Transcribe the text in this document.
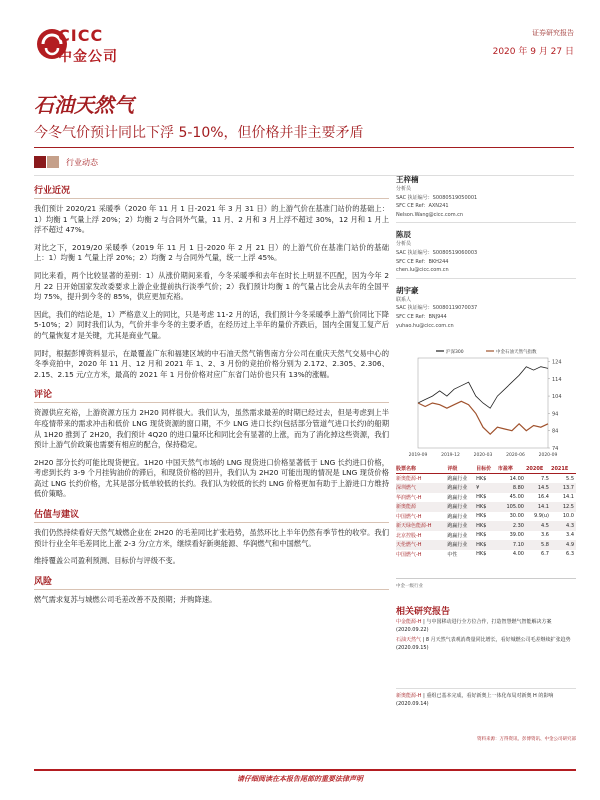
CICC
中金公司
证券研究报告
2020 年 9 月 27 日
石油天然气
今冬气价预计同比下浮 5-10%，但价格并非主要矛盾
行业动态
行业近况

我们预计 2020/21 采暖季（2020 年 11 月 1 日-2021 年 3 月 31 日）的上游气价在基准门站价的基础上：1）均衡 1 气量上浮 20%；2）均衡 2 与合同外气量，11 月、2 月和 3 月上浮不超过 30%，12 月和 1 月上浮不超过 47%。

对比之下，2019/20 采暖季（2019 年 11 月 1 日-2020 年 2 月 21 日）的上游气价在基准门站价的基础上：1）均衡 1 气量上浮 20%；2）均衡 2 与合同外气量，统一上浮 45%。

同比来看，两个比较显著的差别：1）从涨价期间来看，今冬采暖季和去年在时长上明显不匹配，因为今年 2 月 22 日开始国家发改委要求上游企业提前执行淡季气价；2）我们预计均衡 1 的气量占比会从去年的全国平均 75%，提升到今冬的 85%，供应更加充裕。

因此，我们的结论是，1）严格意义上的同比，只是考虑 11-2 月的话，我们预计今冬采暖季上游气价同比下降 5-10%；2）同时我们认为，气价并非今冬的主要矛盾，在经历过上半年的量价齐跌后，国内全面复工复产后的气量恢复才是关键，尤其是商业气量。

同时，根据彭博资料显示，在最覆盖广东和福建区域的中石油天然气销售南方分公司在重庆天然气交易中心的冬季竞拍中，2020 年 11 月、12 月和 2021 年 1、2、3 月份的竞拍价格分别为 2.172、2.305、2.306、2.15、2.15 元/立方米，最高的 2021 年 1 月份价格对应广东省门站价也只有 13%的涨幅。

评论

资源供应充裕，上游资源方压力 2H20 同样很大。我们认为，虽然需求最差的时期已经过去，但是考虑到上半年疫情带来的需求冲击和低价 LNG 现货资源的窗口期，不少 LNG 进口长约(包括部分管道气进口长约)的船期从 1H20 推到了 2H20，我们预计 4Q20 的进口量环比和同比会有显著的上涨，而为了消化掉这些资源，我们预计上游气价政策也需要有相应的配合，保持稳定。

2H20 部分长约可能比现货便宜。1H20 中国天然气市场的 LNG 现货进口价格显著低于 LNG 长约进口价格，考虑到长约 3-9 个月挂钩油价的滞后，和现货价格的回升，我们认为 2H20 可能出现的情况是 LNG 现货价格高过 LNG 长约价格，尤其是部分低单较低的长约。我们认为较低的长约 LNG 价格更加有助于上游进口方维持低价策略。

估值与建议

我们仍然持续看好天然气城燃企业在 2H20 的毛差同比扩张趋势，虽然环比上半年仍然有季节性的收窄。我们预计行业全年毛差同比上涨 2-3 分/立方米，继续看好新奥能源、华润燃气和中国燃气。

维持覆盖公司盈利预测、目标价与评级不变。

风险

燃气需求复苏与城燃公司毛差改善不及预期；并购降速。

王梓楠
分析员
SAC 执证编号：S0080519050001
SFC CE Ref：AXN241
Nelson.Wang@cicc.com.cn
陈辰
分析员
SAC 执证编号：S0080519060003
SFC CE Ref：BKH244
chen.lu@cicc.com.cn
胡宇豪
联系人
SAC 执证编号：S0080119070037
SFC CE Ref：BNJ944
yuhao.hu@cicc.com.cn
124
114
104
94
84
74
2019-09	2019-12	2020-03	2020-06	2020-09
沪深300	中金石油天然气指数
股票名称	评级	目标价	市盈率	2020E	2021E
新奥能源-H	跑赢行业	HK$	14.00	7.5	5.5
深圳燃气	跑赢行业	¥	8.80	14.5	13.7
华润燃气-H	跑赢行业	HK$	45.00	16.4	14.1
新奥能源	跑赢行业	HK$	105.00	14.1	12.5
中国燃气-H	跑赢行业	HK$	30.00	9.9(u)	10.0
新天绿色能源-H	跑赢行业	HK$	2.30	4.5	4.3
北京控股-H	跑赢行业	HK$	39.00	3.6	3.4
天伦燃气-H	跑赢行业	HK$	7.10	5.8	4.9
中国燃气-H	中性	HK$	4.00	6.7	6.3
中金一级行业
相关研究报告
中金能源-H | 与中国移动进行全方位合作，打造智慧燃气智能解决方案 (2020.09.22)
石油天然气 | 8 月天然气表观消费量同比增长，看好城燃公司毛差继续扩张趋势 (2020.09.15)
新奥能源-H | 重组已基本完成，看好新奥上一体化布局对新奥 H 的影响 (2020.09.14)
资料来源：万得资讯、彭博资讯、中金公司研究部
请仔细阅读在本报告尾部的重要法律声明
